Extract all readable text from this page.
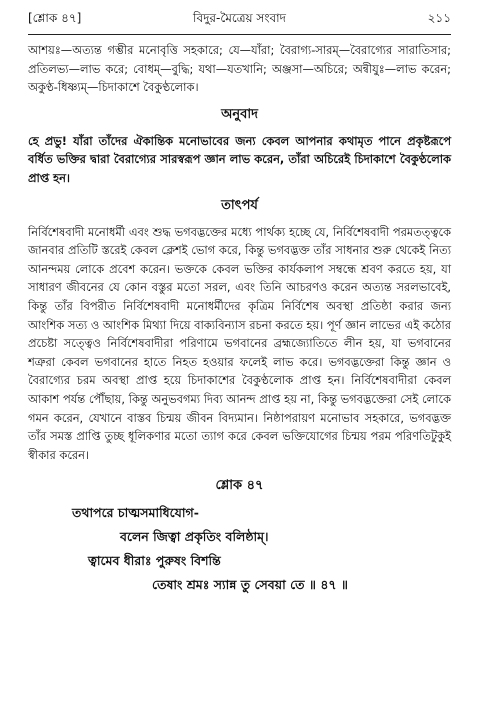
[শ্লোক ৪৭]	২১১
বিদুর-মৈত্রেয় সংবাদ

আশয়ঃ—অত্যন্ত গম্ভীর মনোবৃত্তি সহকারে; যে—যাঁরা; বৈরাগ্য-সারম্—বৈরাগ্যের সারাতিসার; প্রতিলভ্য—লাভ করে; বোধম্—বুদ্ধি; যথা—যতখানি; অঞ্জসা—অচিরে; অন্বীযুঃ—লাভ করেন; অকুণ্ঠ-ধিষ্ণ্যম্—চিদাকাশে বৈকুণ্ঠলোক।

অনুবাদ

হে প্রভু! যাঁরা তাঁদের ঐকান্তিক মনোভাবের জন্য কেবল আপনার কথামৃত পানে প্রকৃষ্টরূপে বর্ধিত ভক্তির দ্বারা বৈরাগ্যের সারস্বরূপ জ্ঞান লাভ করেন, তাঁরা অচিরেই চিদাকাশে বৈকুণ্ঠলোক প্রাপ্ত হন।

তাৎপর্য

নির্বিশেষবাদী মনোধর্মী এবং শুদ্ধ ভগবদ্ভক্তের মধ্যে পার্থক্য হচ্ছে যে, নির্বিশেষবাদী পরমতত্ত্বকে জানবার প্রতিটি স্তরেই কেবল ক্লেশই ভোগ করে, কিন্তু ভগবদ্ভক্ত তাঁর সাধনার শুরু থেকেই নিত্য আনন্দময় লোকে প্রবেশ করেন। ভক্তকে কেবল ভক্তির কার্যকলাপ সম্বন্ধে শ্রবণ করতে হয়, যা সাধারণ জীবনের যে কোন বস্তুর মতো সরল, এবং তিনি আচরণও করেন অত্যন্ত সরলভাবেই, কিন্তু তাঁর বিপরীত নির্বিশেষবাদী মনোধর্মীদের কৃত্রিম নির্বিশেষ অবস্থা প্রতিষ্ঠা করার জন্য আংশিক সত্য ও আংশিক মিথ্যা দিয়ে বাক্যবিন্যাস রচনা করতে হয়। পূর্ণ জ্ঞান লাভের এই কঠোর প্রচেষ্টা সত্ত্বেও নির্বিশেষবাদীরা পরিণামে ভগবানের ব্রহ্মজ্যোতিতে লীন হয়, যা ভগবানের শত্রুরা কেবল ভগবানের হাতে নিহত হওয়ার ফলেই লাভ করে। ভগবদ্ভক্তেরা কিন্তু জ্ঞান ও বৈরাগ্যের চরম অবস্থা প্রাপ্ত হয়ে চিদাকাশের বৈকুণ্ঠলোক প্রাপ্ত হন। নির্বিশেষবাদীরা কেবল আকাশ পর্যন্ত পৌঁছায়, কিন্তু অনুভবগম্য দিব্য আনন্দ প্রাপ্ত হয় না, কিন্তু ভগবদ্ভক্তেরা সেই লোকে গমন করেন, যেখানে বাস্তব চিন্ময় জীবন বিদ্যমান। নিষ্ঠাপরায়ণ মনোভাব সহকারে, ভগবদ্ভক্ত তাঁর সমস্ত প্রাপ্তি তুচ্ছ ধূলিকণার মতো ত্যাগ করে কেবল ভক্তিযোগের চিন্ময় পরম পরিণতিটুকুই স্বীকার করেন।

শ্লোক ৪৭
তথাপরে চাত্মসমাধিযোগ-
বলেন জিত্বা প্রকৃতিং বলিষ্ঠাম্।
ত্বামেব ধীরাঃ পুরুষং বিশন্তি
তেষাং শ্রমঃ স্যান্ন তু সেবয়া তে ॥ ৪৭ ॥
